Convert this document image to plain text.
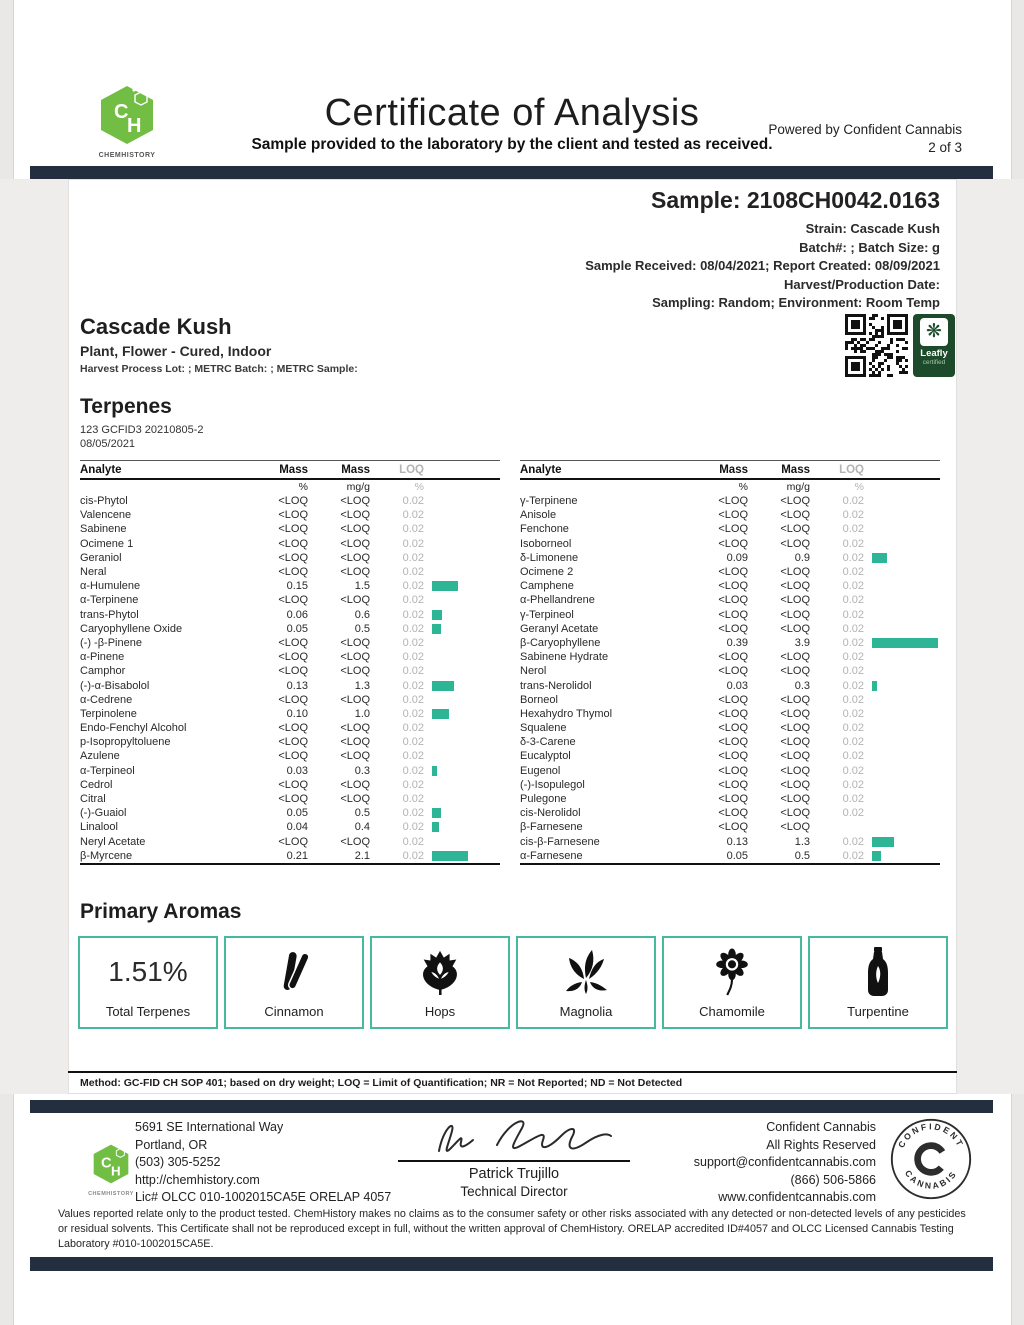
C
H
CHEMHISTORY
Certificate of Analysis
Sample provided to the laboratory by the client and tested as received.
Powered by Confident Cannabis
2 of 3
Sample: 2108CH0042.0163
Strain: Cascade Kush
Batch#: ; Batch Size: g
Sample Received: 08/04/2021; Report Created: 08/09/2021
Harvest/Production Date:
Sampling: Random; Environment: Room Temp
Cascade Kush
Plant, Flower - Cured, Indoor
Harvest Process Lot: ; METRC Batch: ; METRC Sample:
❋
Leafly
certified
Terpenes
123 GCFID3 20210805-2
08/05/2021
Analyte	Mass	Mass	LOQ
%	mg/g	%
cis-Phytol	<LOQ	<LOQ	0.02
Valencene	<LOQ	<LOQ	0.02
Sabinene	<LOQ	<LOQ	0.02
Ocimene 1	<LOQ	<LOQ	0.02
Geraniol	<LOQ	<LOQ	0.02
Neral	<LOQ	<LOQ	0.02
α-Humulene	0.15	1.5	0.02
α-Terpinene	<LOQ	<LOQ	0.02
trans-Phytol	0.06	0.6	0.02
Caryophyllene Oxide	0.05	0.5	0.02
(-) -β-Pinene	<LOQ	<LOQ	0.02
α-Pinene	<LOQ	<LOQ	0.02
Camphor	<LOQ	<LOQ	0.02
(-)-α-Bisabolol	0.13	1.3	0.02
α-Cedrene	<LOQ	<LOQ	0.02
Terpinolene	0.10	1.0	0.02
Endo-Fenchyl Alcohol	<LOQ	<LOQ	0.02
p-Isopropyltoluene	<LOQ	<LOQ	0.02
Azulene	<LOQ	<LOQ	0.02
α-Terpineol	0.03	0.3	0.02
Cedrol	<LOQ	<LOQ	0.02
Citral	<LOQ	<LOQ	0.02
(-)-Guaiol	0.05	0.5	0.02
Linalool	0.04	0.4	0.02
Neryl Acetate	<LOQ	<LOQ	0.02
β-Myrcene	0.21	2.1	0.02
Analyte	Mass	Mass	LOQ
%	mg/g	%
γ-Terpinene	<LOQ	<LOQ	0.02
Anisole	<LOQ	<LOQ	0.02
Fenchone	<LOQ	<LOQ	0.02
Isoborneol	<LOQ	<LOQ	0.02
δ-Limonene	0.09	0.9	0.02
Ocimene 2	<LOQ	<LOQ	0.02
Camphene	<LOQ	<LOQ	0.02
α-Phellandrene	<LOQ	<LOQ	0.02
γ-Terpineol	<LOQ	<LOQ	0.02
Geranyl Acetate	<LOQ	<LOQ	0.02
β-Caryophyllene	0.39	3.9	0.02
Sabinene Hydrate	<LOQ	<LOQ	0.02
Nerol	<LOQ	<LOQ	0.02
trans-Nerolidol	0.03	0.3	0.02
Borneol	<LOQ	<LOQ	0.02
Hexahydro Thymol	<LOQ	<LOQ	0.02
Squalene	<LOQ	<LOQ	0.02
δ-3-Carene	<LOQ	<LOQ	0.02
Eucalyptol	<LOQ	<LOQ	0.02
Eugenol	<LOQ	<LOQ	0.02
(-)-Isopulegol	<LOQ	<LOQ	0.02
Pulegone	<LOQ	<LOQ	0.02
cis-Nerolidol	<LOQ	<LOQ	0.02
β-Farnesene	<LOQ	<LOQ
cis-β-Farnesene	0.13	1.3	0.02
α-Farnesene	0.05	0.5	0.02
Primary Aromas
1.51%
Total Terpenes	Cinnamon	Hops	Magnolia	Chamomile	Turpentine
Method: GC-FID CH SOP 401; based on dry weight; LOQ = Limit of Quantification; NR = Not Reported; ND = Not Detected
C H
CHEMHISTORY
5691 SE International Way
Portland, OR
(503) 305-5252
http://chemhistory.com
Lic# OLCC 010-1002015CA5E ORELAP 4057
Patrick Trujillo
Technical Director
Confident Cannabis
All Rights Reserved
support@confidentcannabis.com
(866) 506-5866
www.confidentcannabis.com
CONFIDENT
CANNABIS
Values reported relate only to the product tested. ChemHistory makes no claims as to the consumer safety or other risks associated with any detected or non-detected levels of any pesticides or residual solvents. This Certificate shall not be reproduced except in full, without the written approval of ChemHistory. ORELAP accredited ID#4057 and OLCC Licensed Cannabis Testing Laboratory #010-1002015CA5E.
